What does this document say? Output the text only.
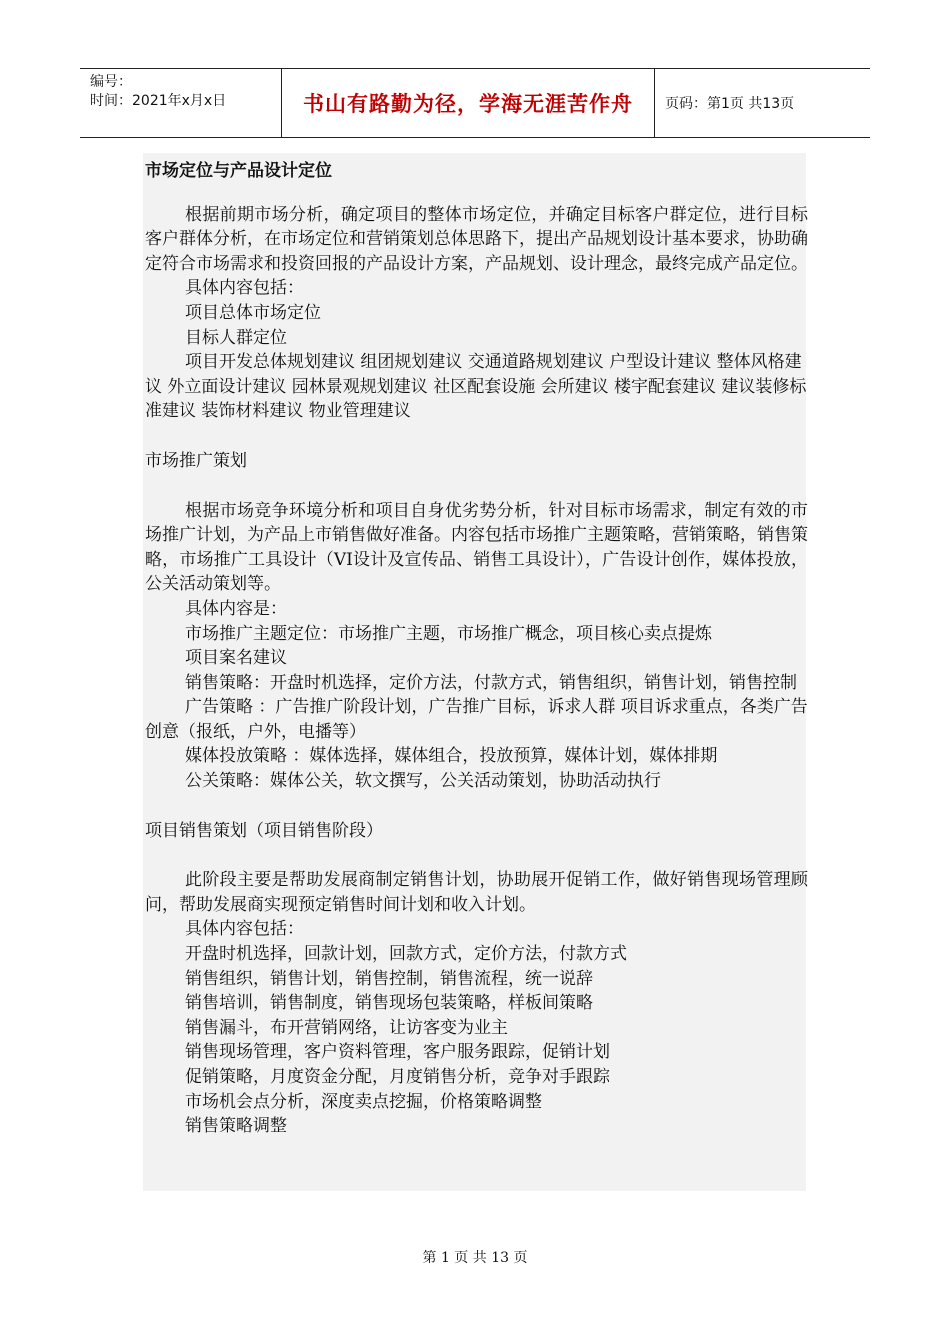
编号：
时间：2021年x月x日	书山有路勤为径，学海无涯苦作舟	页码：第1页 共13页
市场定位与产品设计定位

根据前期市场分析，确定项目的整体市场定位，并确定目标客户群定位，进行目标客户群体分析，在市场定位和营销策划总体思路下，提出产品规划设计基本要求，协助确定符合市场需求和投资回报的产品设计方案，产品规划、设计理念，最终完成产品定位。

具体内容包括：

项目总体市场定位

目标人群定位

项目开发总体规划建议 组团规划建议 交通道路规划建议 户型设计建议 整体风格建议 外立面设计建议 园林景观规划建议 社区配套设施 会所建议 楼宇配套建议 建议装修标准建议 装饰材料建议 物业管理建议

市场推广策划

根据市场竞争环境分析和项目自身优劣势分析，针对目标市场需求，制定有效的市场推广计划，为产品上市销售做好准备。内容包括市场推广主题策略，营销策略，销售策略，市场推广工具设计（VI设计及宣传品、销售工具设计），广告设计创作，媒体投放，公关活动策划等。

具体内容是：

市场推广主题定位：市场推广主题，市场推广概念，项目核心卖点提炼

项目案名建议

销售策略：开盘时机选择，定价方法，付款方式，销售组织，销售计划，销售控制

广告策略 ：广告推广阶段计划，广告推广目标，诉求人群 项目诉求重点，各类广告创意（报纸，户外，电播等）

媒体投放策略 ：媒体选择，媒体组合，投放预算，媒体计划，媒体排期

公关策略：媒体公关，软文撰写，公关活动策划，协助活动执行

项目销售策划（项目销售阶段）

此阶段主要是帮助发展商制定销售计划，协助展开促销工作，做好销售现场管理顾问，帮助发展商实现预定销售时间计划和收入计划。

具体内容包括：

开盘时机选择，回款计划，回款方式，定价方法，付款方式

销售组织，销售计划，销售控制，销售流程，统一说辞

销售培训，销售制度，销售现场包装策略，样板间策略

销售漏斗，布开营销网络，让访客变为业主

销售现场管理，客户资料管理，客户服务跟踪，促销计划

促销策略，月度资金分配，月度销售分析，竞争对手跟踪

市场机会点分析，深度卖点挖掘，价格策略调整

销售策略调整

第 1 页 共 13 页
